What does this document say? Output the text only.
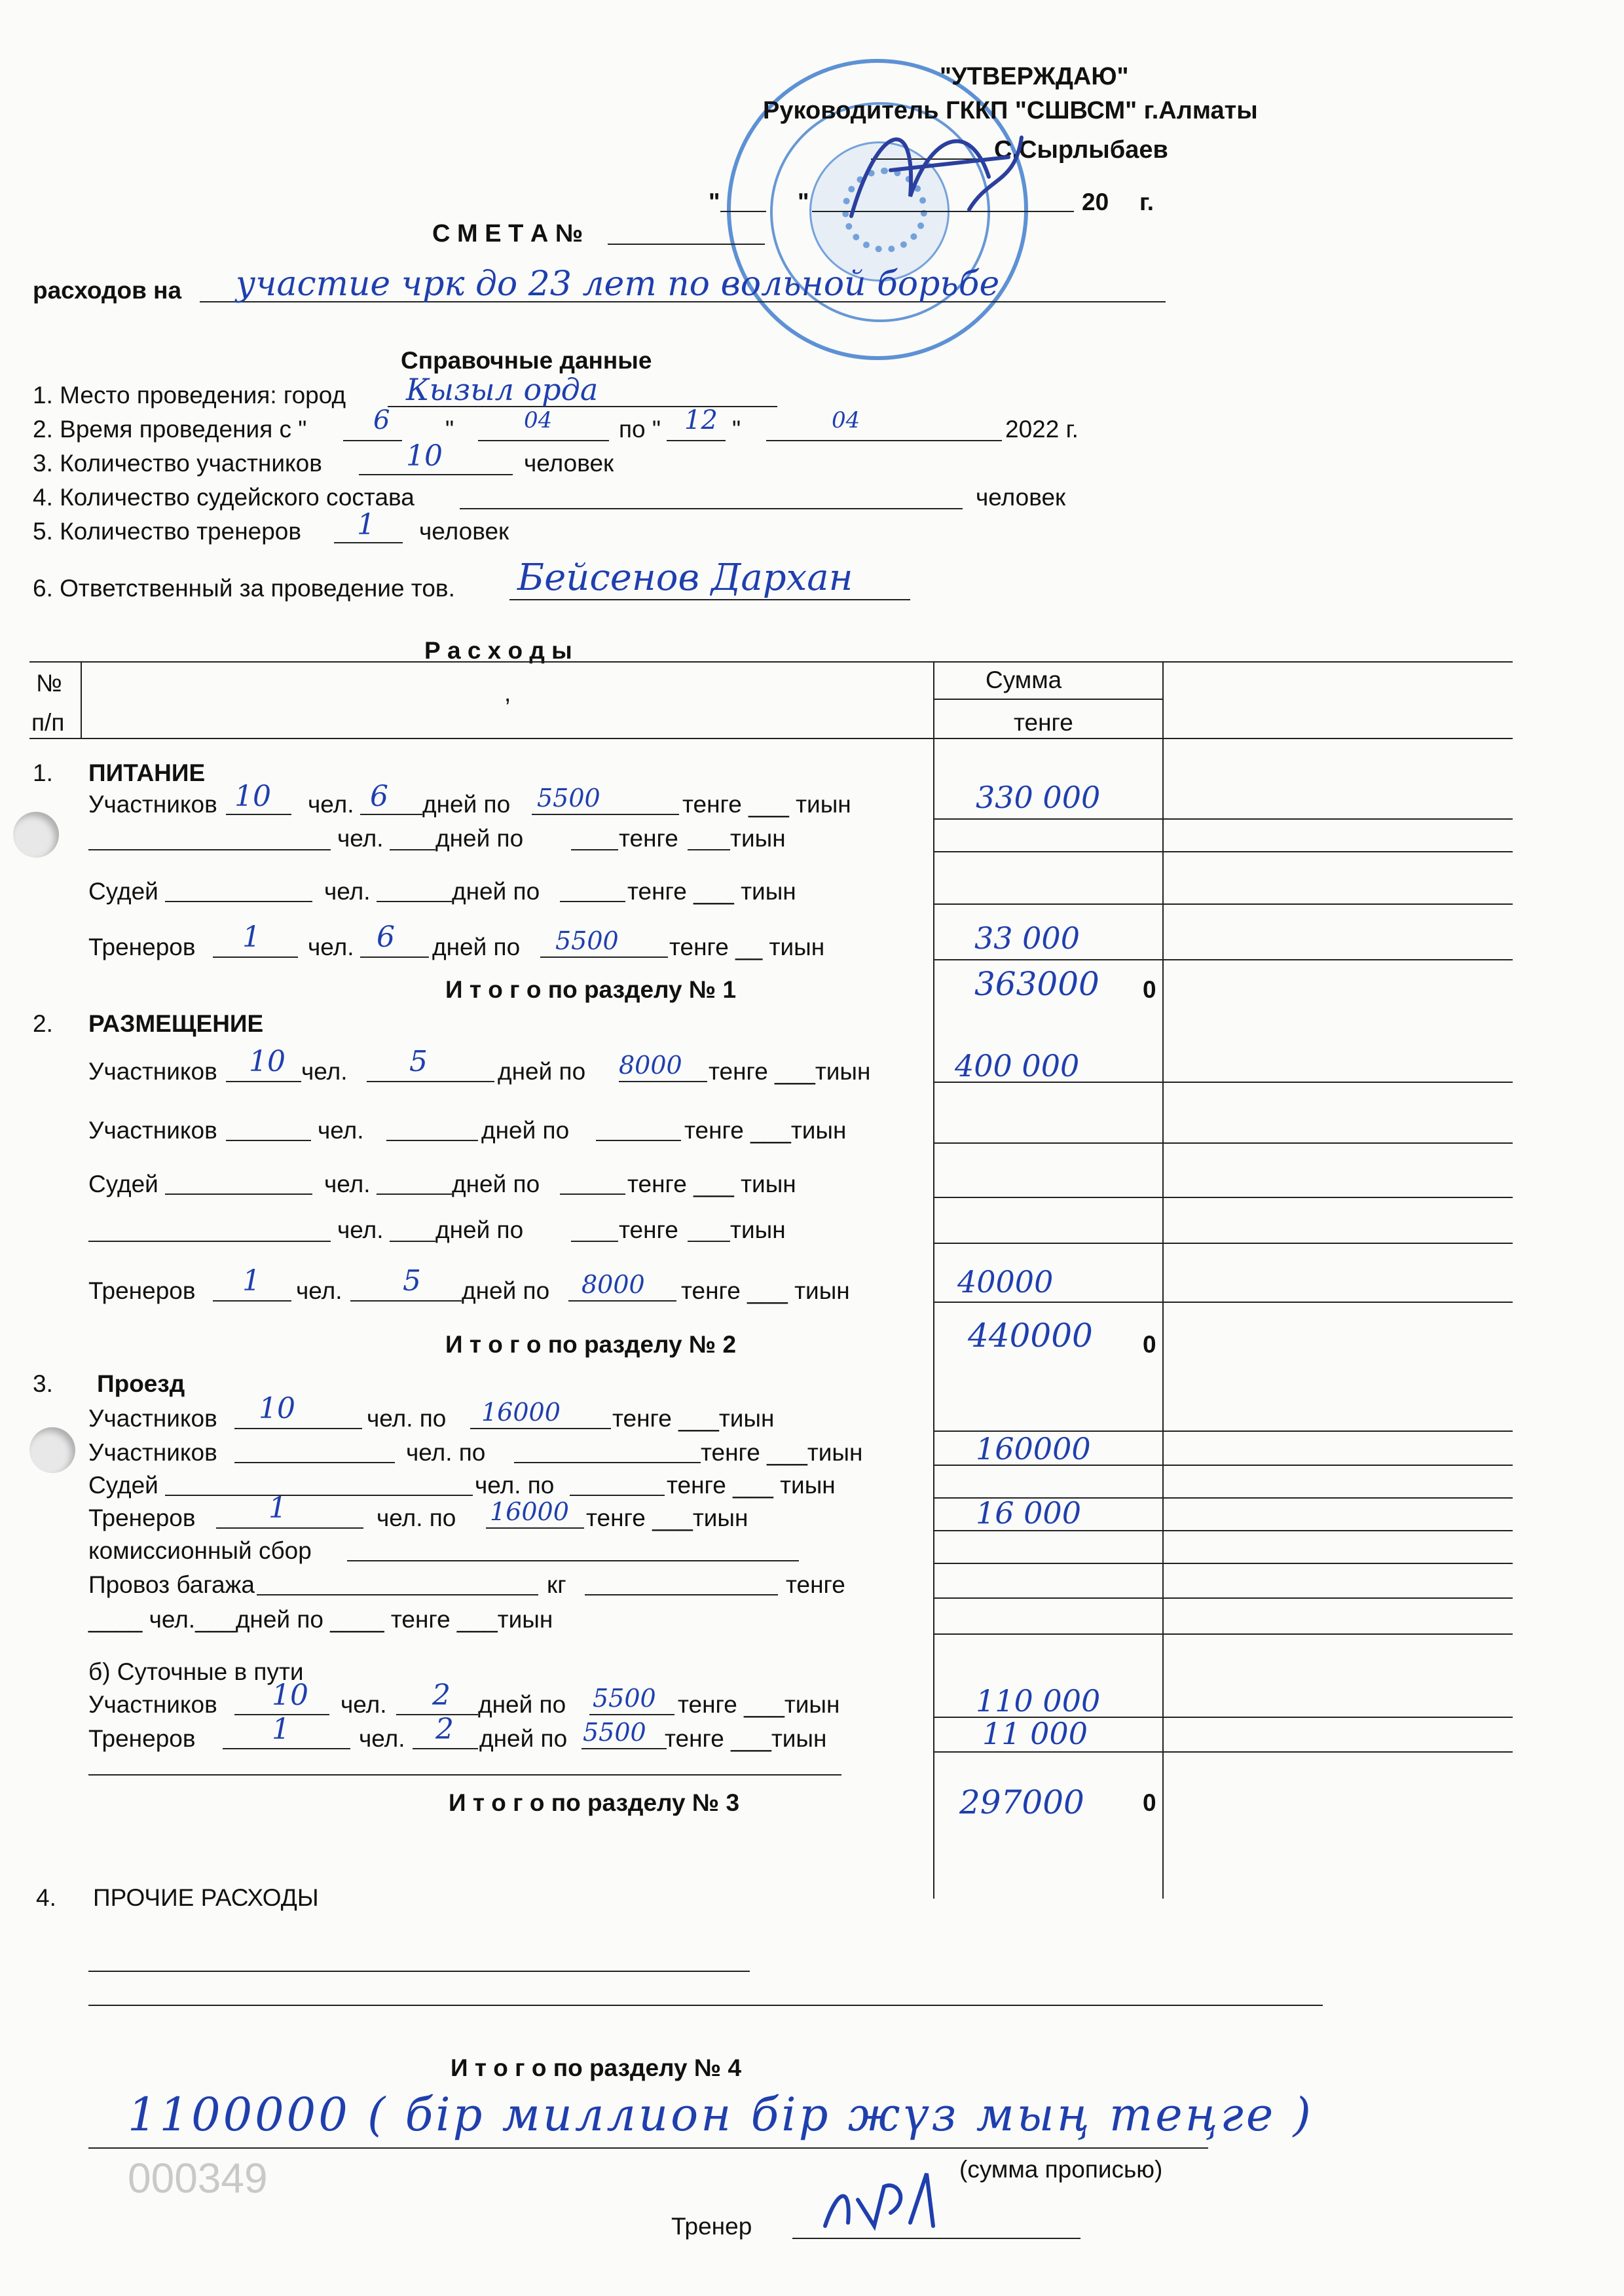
"УТВЕРЖДАЮ"
Руководитель ГККП "СШВСМ" г.Алматы
С.Сырлыбаев
"	"	20 г.
С М Е Т А №
расходов на участие чрк до 23 лет по вольной борьбе
Справочные данные
1. Место проведения: город Кызыл орда
2. Время проведения с "	6 "	04	по " 12 "	04	2022 г.
3. Количество участников	10	человек
4. Количество судейского состава	человек
5. Количество тренеров 1 человек
6. Ответственный за проведение тов. Бейсенов Дархан
Р а с х о д ы
№
п/п
,	Сумма
тенге
1. ПИТАНИЕ
Участников 10 чел. 6 дней по 5500	тенге ___ тиын	330 000
чел. дней по	тенге тиын
Судей	чел.	дней по	тенге ___ тиын
Тренеров 1 чел. 6 дней по 5500 тенге __ тиын	33 000
И т о г о по разделу № 1	363000 0
2. РАЗМЕЩЕНИЕ
Участников 10 чел. 5	дней по 8000 тенге ___тиын	400 000
Участников	чел.	дней по	тенге ___тиын
Судей	чел.	дней по	тенге ___ тиын
чел. дней по	тенге тиын
Тренеров 1 чел. 5 дней по 8000 тенге ___ тиын	40000
И т о г о по разделу № 2	440000 0
3. Проезд
Участников 10	чел. по 16000 тенге ___тиын
Участников	чел. по	тенге ___тиын	160000
Судей	чел. по	тенге ___ тиын
Тренеров	1	чел. по 16000 тенге ___тиын	16 000
комиссионный сбор
Провоз багажа	кг	тенге
____ чел.___дней по ____ тенге ___тиын
б) Суточные в пути
Участников 10 чел. 2 дней по 5500 тенге ___тиын	110 000
Тренеров	1	чел. 2 дней по 5500 тенге ___тиын	11 000
И т о г о по разделу № 3	297000 0
4. ПРОЧИЕ РАСХОДЫ
И т о г о по разделу № 4
1100000 ( бір миллион бір жүз мың теңге )
(сумма прописью)
000349
Тренер
